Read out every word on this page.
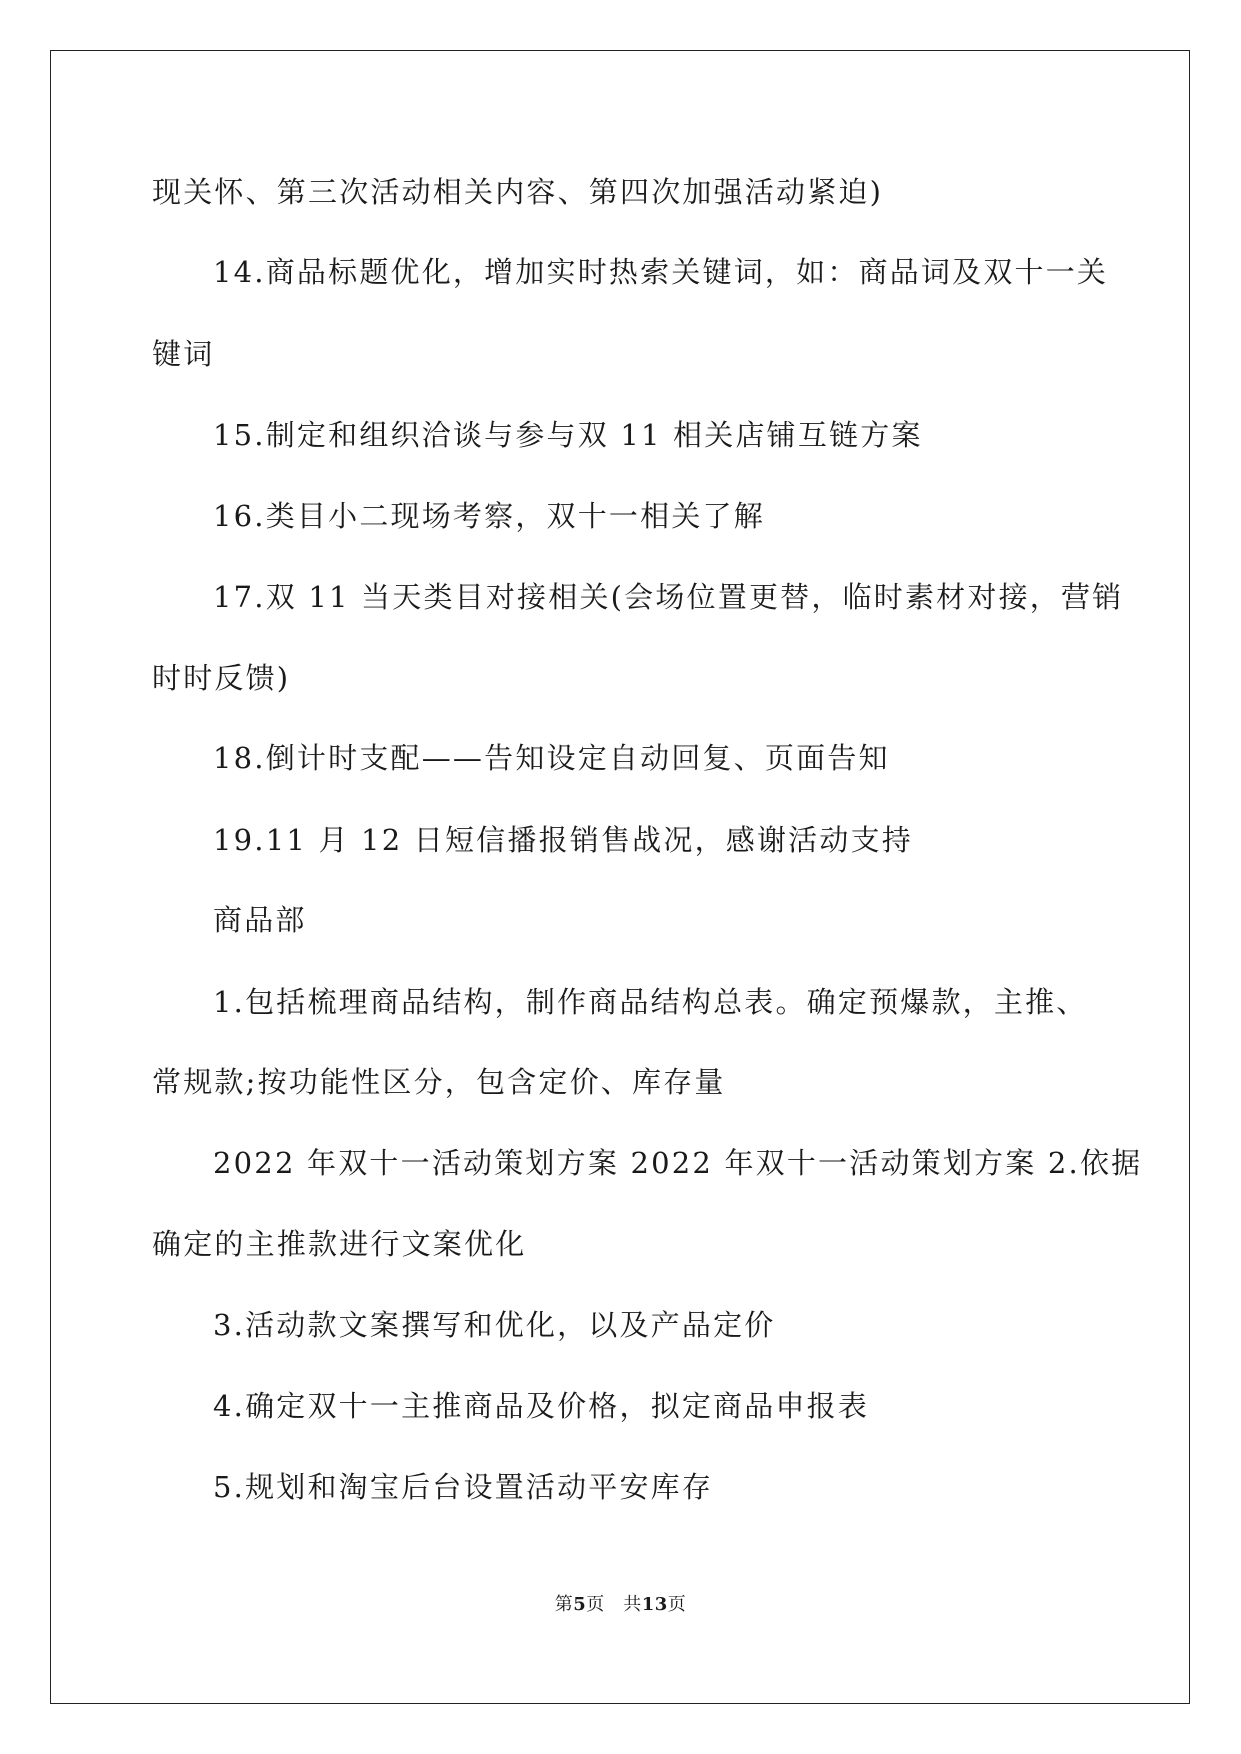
现关怀、第三次活动相关内容、第四次加强活动紧迫)
14.商品标题优化，增加实时热索关键词，如：商品词及双十一关
键词
15.制定和组织洽谈与参与双 11 相关店铺互链方案
16.类目小二现场考察，双十一相关了解
17.双 11 当天类目对接相关(会场位置更替，临时素材对接，营销
时时反馈)
18.倒计时支配——告知设定自动回复、页面告知
19.11 月 12 日短信播报销售战况，感谢活动支持
商品部
1.包括梳理商品结构，制作商品结构总表。确定预爆款，主推、
常规款;按功能性区分，包含定价、库存量
2022 年双十一活动策划方案 2022 年双十一活动策划方案 2.依据
确定的主推款进行文案优化
3.活动款文案撰写和优化，以及产品定价
4.确定双十一主推商品及价格，拟定商品申报表
5.规划和淘宝后台设置活动平安库存
第5页　共13页
